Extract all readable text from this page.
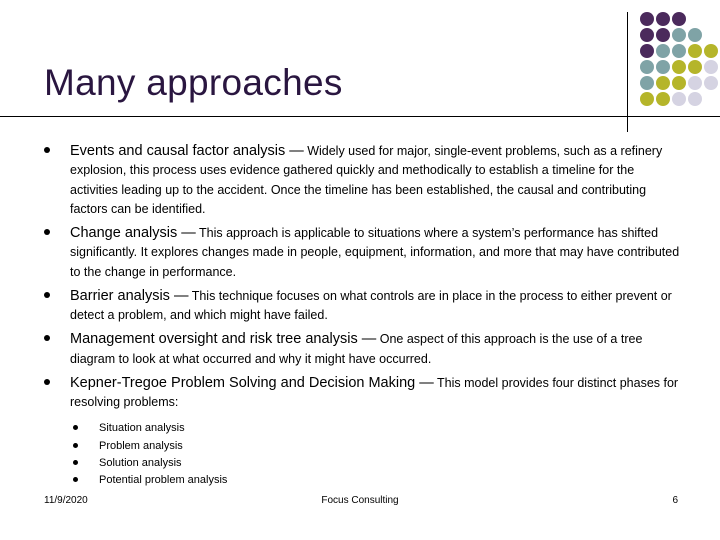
Many approaches
Events and causal factor analysis — Widely used for major, single-event problems, such as a refinery explosion, this process uses evidence gathered quickly and methodically to establish a timeline for the activities leading up to the accident. Once the timeline has been established, the causal and contributing factors can be identified.
Change analysis — This approach is applicable to situations where a system’s performance has shifted significantly. It explores changes made in people, equipment, information, and more that may have contributed to the change in performance.
Barrier analysis — This technique focuses on what controls are in place in the process to either prevent or detect a problem, and which might have failed.
Management oversight and risk tree analysis — One aspect of this approach is the use of a tree diagram to look at what occurred and why it might have occurred.
Kepner-Tregoe Problem Solving and Decision Making — This model provides four distinct phases for resolving problems:
Situation analysis
Problem analysis
Solution analysis
Potential problem analysis
11/9/2020	Focus Consulting	6
